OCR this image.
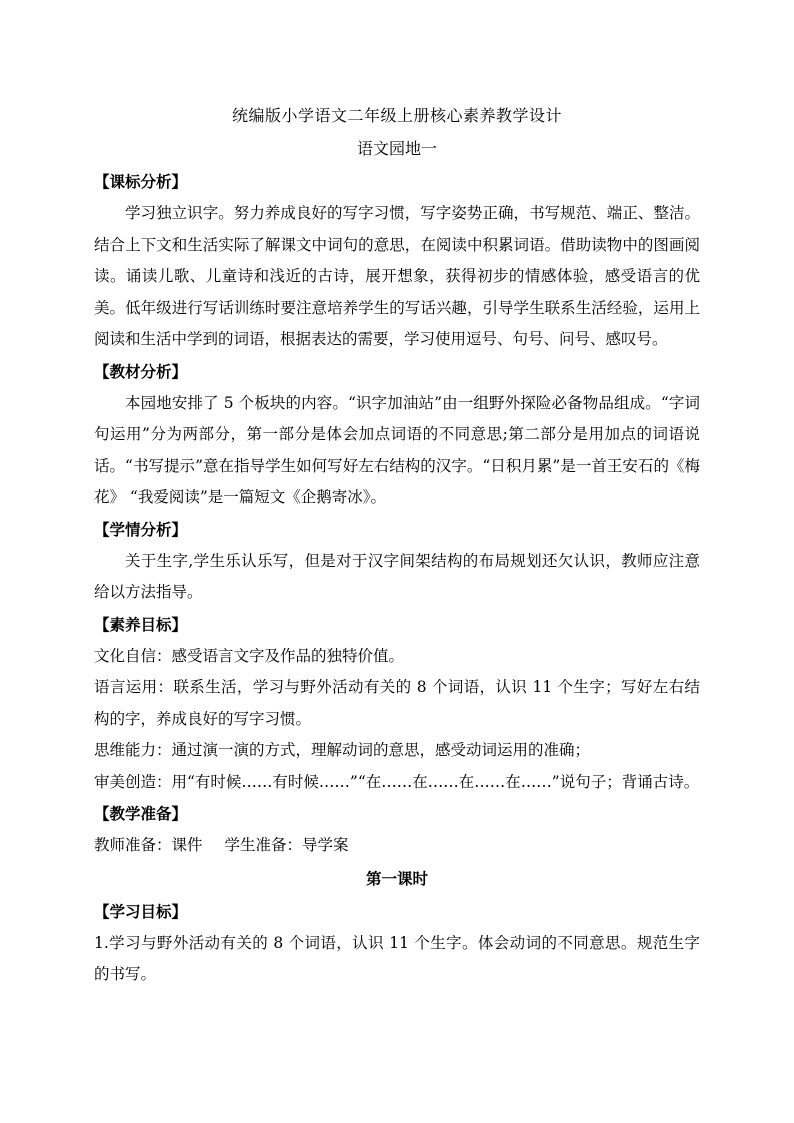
统编版小学语文二年级上册核心素养教学设计
语文园地一
【课标分析】
学习独立识字。努力养成良好的写字习惯，写字姿势正确，书写规范、端正、整洁。结合上下文和生活实际了解课文中词句的意思，在阅读中积累词语。借助读物中的图画阅读。诵读儿歌、儿童诗和浅近的古诗，展开想象，获得初步的情感体验，感受语言的优美。低年级进行写话训练时要注意培养学生的写话兴趣，引导学生联系生活经验，运用上阅读和生活中学到的词语，根据表达的需要，学习使用逗号、句号、问号、感叹号。
【教材分析】
本园地安排了 5 个板块的内容。“识字加油站”由一组野外探险必备物品组成。“字词句运用”分为两部分，第一部分是体会加点词语的不同意思;第二部分是用加点的词语说话。“书写提示”意在指导学生如何写好左右结构的汉字。“日积月累”是一首王安石的《梅花》 “我爱阅读”是一篇短文《企鹅寄冰》。
【学情分析】
关于生字,学生乐认乐写，但是对于汉字间架结构的布局规划还欠认识，教师应注意给以方法指导。
【素养目标】
文化自信：感受语言文字及作品的独特价值。
语言运用：联系生活，学习与野外活动有关的 8 个词语，认识 11 个生字；写好左右结构的字，养成良好的写字习惯。
思维能力：通过演一演的方式，理解动词的意思，感受动词运用的准确；
审美创造：用“有时候……有时候……”“在……在……在……在……”说句子；背诵古诗。
【教学准备】
教师准备：课件 学生准备：导学案
第一课时
【学习目标】
1.学习与野外活动有关的 8 个词语，认识 11 个生字。体会动词的不同意思。规范生字的书写。
